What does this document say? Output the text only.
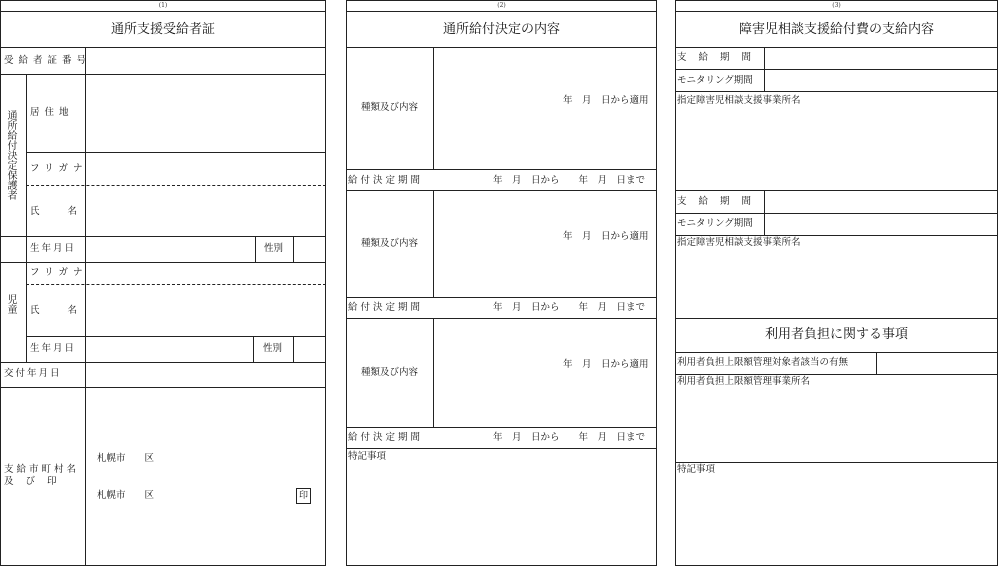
(1)
通所支援受給者証
受給者証番号
通所給付決定保護者 居住地
フリガナ
氏名
生年月日	性別
児童
フリガナ
氏名
生年月日	性別
交付年月日
支給市町村名
及び印
札幌市　　区
札幌市　　区	印
(2)
通所給付決定の内容
種類及び内容
年　月　日から適用
給付決定期間	年　月　日から　　年　月　日まで
種類及び内容
年　月　日から適用
給付決定期間	年　月　日から　　年　月　日まで
種類及び内容
年　月　日から適用
給付決定期間	年　月　日から　　年　月　日まで
特記事項
(3)
障害児相談支援給付費の支給内容
支給期間
モニタリング期間
指定障害児相談支援事業所名
支給期間
モニタリング期間
指定障害児相談支援事業所名
利用者負担に関する事項
利用者負担上限額管理対象者該当の有無
利用者負担上限額管理事業所名
特記事項
